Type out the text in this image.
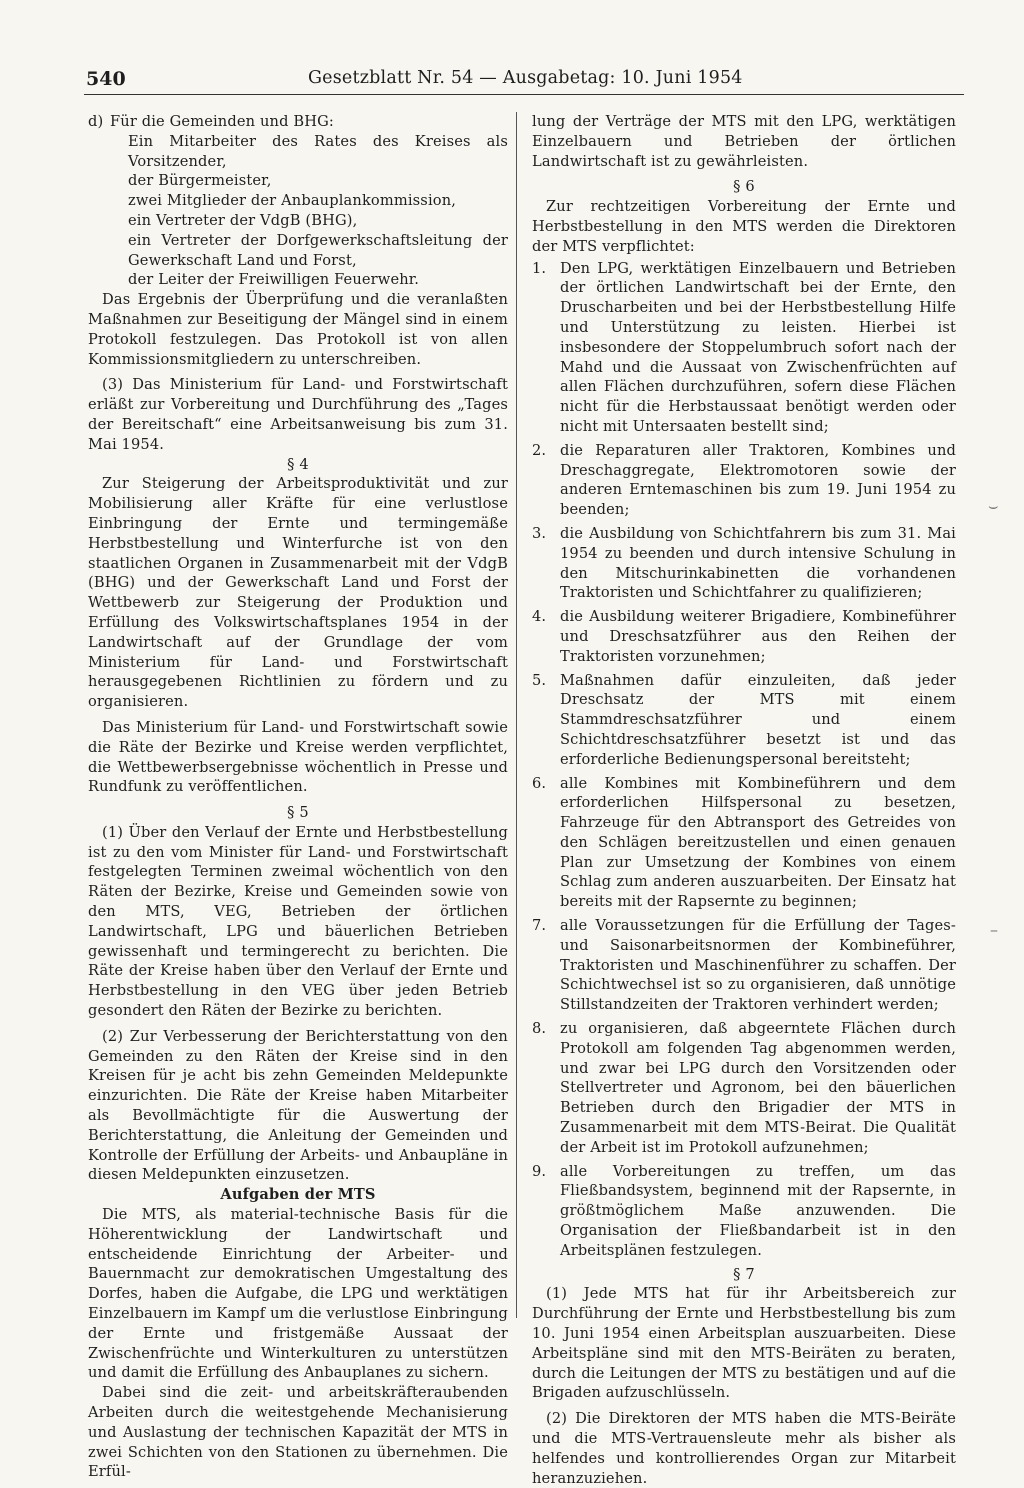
540	Gesetzblatt Nr. 54 — Ausgabetag: 10. Juni 1954
d) Für die Gemeinden und BHG:
Ein Mitarbeiter des Rates des Kreises als Vorsitzender,
der Bürgermeister,
zwei Mitglieder der Anbauplankommission,
ein Vertreter der VdgB (BHG),
ein Vertreter der Dorfgewerkschaftsleitung der Gewerkschaft Land und Forst,
der Leiter der Freiwilligen Feuerwehr.

Das Ergebnis der Überprüfung und die veranlaßten Maßnahmen zur Beseitigung der Mängel sind in einem Protokoll festzulegen. Das Protokoll ist von allen Kommissionsmitgliedern zu unterschreiben.

(3) Das Ministerium für Land- und Forstwirtschaft erläßt zur Vorbereitung und Durchführung des „Tages der Bereitschaft“ eine Arbeitsanweisung bis zum 31. Mai 1954.

§ 4

Zur Steigerung der Arbeitsproduktivität und zur Mobilisierung aller Kräfte für eine verlustlose Einbringung der Ernte und termingemäße Herbstbestellung und Winterfurche ist von den staatlichen Organen in Zusammenarbeit mit der VdgB (BHG) und der Gewerkschaft Land und Forst der Wettbewerb zur Steigerung der Produktion und Erfüllung des Volkswirtschaftsplanes 1954 in der Landwirtschaft auf der Grundlage der vom Ministerium für Land- und Forstwirtschaft herausgegebenen Richtlinien zu fördern und zu organisieren.

Das Ministerium für Land- und Forstwirtschaft sowie die Räte der Bezirke und Kreise werden verpflichtet, die Wettbewerbsergebnisse wöchentlich in Presse und Rundfunk zu veröffentlichen.

§ 5

(1) Über den Verlauf der Ernte und Herbstbestellung ist zu den vom Minister für Land- und Forstwirtschaft festgelegten Terminen zweimal wöchentlich von den Räten der Bezirke, Kreise und Gemeinden sowie von den MTS, VEG, Betrieben der örtlichen Landwirtschaft, LPG und bäuerlichen Betrieben gewissenhaft und termingerecht zu berichten. Die Räte der Kreise haben über den Verlauf der Ernte und Herbstbestellung in den VEG über jeden Betrieb gesondert den Räten der Bezirke zu berichten.

(2) Zur Verbesserung der Berichterstattung von den Gemeinden zu den Räten der Kreise sind in den Kreisen für je acht bis zehn Gemeinden Meldepunkte einzurichten. Die Räte der Kreise haben Mitarbeiter als Bevollmächtigte für die Auswertung der Berichterstattung, die Anleitung der Gemeinden und Kontrolle der Erfüllung der Arbeits- und Anbaupläne in diesen Meldepunkten einzusetzen.

Aufgaben der MTS

Die MTS, als material-technische Basis für die Höherentwicklung der Landwirtschaft und entscheidende Einrichtung der Arbeiter- und Bauernmacht zur demokratischen Umgestaltung des Dorfes, haben die Aufgabe, die LPG und werktätigen Einzelbauern im Kampf um die verlustlose Einbringung der Ernte und fristgemäße Aussaat der Zwischenfrüchte und Winterkulturen zu unterstützen und damit die Erfüllung des Anbauplanes zu sichern.

Dabei sind die zeit- und arbeitskräfteraubenden Arbeiten durch die weitestgehende Mechanisierung und Auslastung der technischen Kapazität der MTS in zwei Schichten von den Stationen zu übernehmen. Die Erfül-

lung der Verträge der MTS mit den LPG, werktätigen Einzelbauern und Betrieben der örtlichen Landwirtschaft ist zu gewährleisten.

§ 6

Zur rechtzeitigen Vorbereitung der Ernte und Herbstbestellung in den MTS werden die Direktoren der MTS verpflichtet:

1. Den LPG, werktätigen Einzelbauern und Betrieben der örtlichen Landwirtschaft bei der Ernte, den Druscharbeiten und bei der Herbstbestellung Hilfe und Unterstützung zu leisten. Hierbei ist insbesondere der Stoppelumbruch sofort nach der Mahd und die Aussaat von Zwischenfrüchten auf allen Flächen durchzuführen, sofern diese Flächen nicht für die Herbstaussaat benötigt werden oder nicht mit Untersaaten bestellt sind;
2. die Reparaturen aller Traktoren, Kombines und Dreschaggregate, Elektromotoren sowie der anderen Erntemaschinen bis zum 19. Juni 1954 zu beenden;
3. die Ausbildung von Schichtfahrern bis zum 31. Mai 1954 zu beenden und durch intensive Schulung in den Mitschurinkabinetten die vorhandenen Traktoristen und Schichtfahrer zu qualifizieren;
4. die Ausbildung weiterer Brigadiere, Kombineführer und Dreschsatzführer aus den Reihen der Traktoristen vorzunehmen;
5. Maßnahmen dafür einzuleiten, daß jeder Dreschsatz der MTS mit einem Stammdreschsatzführer und einem Schichtdreschsatzführer besetzt ist und das erforderliche Bedienungspersonal bereitsteht;
6. alle Kombines mit Kombineführern und dem erforderlichen Hilfspersonal zu besetzen, Fahrzeuge für den Abtransport des Getreides von den Schlägen bereitzustellen und einen genauen Plan zur Umsetzung der Kombines von einem Schlag zum anderen auszuarbeiten. Der Einsatz hat bereits mit der Rapsernte zu beginnen;
7. alle Voraussetzungen für die Erfüllung der Tages- und Saisonarbeitsnormen der Kombineführer, Traktoristen und Maschinenführer zu schaffen. Der Schichtwechsel ist so zu organisieren, daß unnötige Stillstandzeiten der Traktoren verhindert werden;
8. zu organisieren, daß abgeerntete Flächen durch Protokoll am folgenden Tag abgenommen werden, und zwar bei LPG durch den Vorsitzenden oder Stellvertreter und Agronom, bei den bäuerlichen Betrieben durch den Brigadier der MTS in Zusammenarbeit mit dem MTS-Beirat. Die Qualität der Arbeit ist im Protokoll aufzunehmen;
9. alle Vorbereitungen zu treffen, um das Fließbandsystem, beginnend mit der Rapsernte, in größtmöglichem Maße anzuwenden. Die Organisation der Fließbandarbeit ist in den Arbeitsplänen festzulegen.

§ 7

(1) Jede MTS hat für ihr Arbeitsbereich zur Durchführung der Ernte und Herbstbestellung bis zum 10. Juni 1954 einen Arbeitsplan auszuarbeiten. Diese Arbeitspläne sind mit den MTS-Beiräten zu beraten, durch die Leitungen der MTS zu bestätigen und auf die Brigaden aufzuschlüsseln.

(2) Die Direktoren der MTS haben die MTS-Beiräte und die MTS-Vertrauensleute mehr als bisher als helfendes und kontrollierendes Organ zur Mitarbeit heranzuziehen.

⌣
–
